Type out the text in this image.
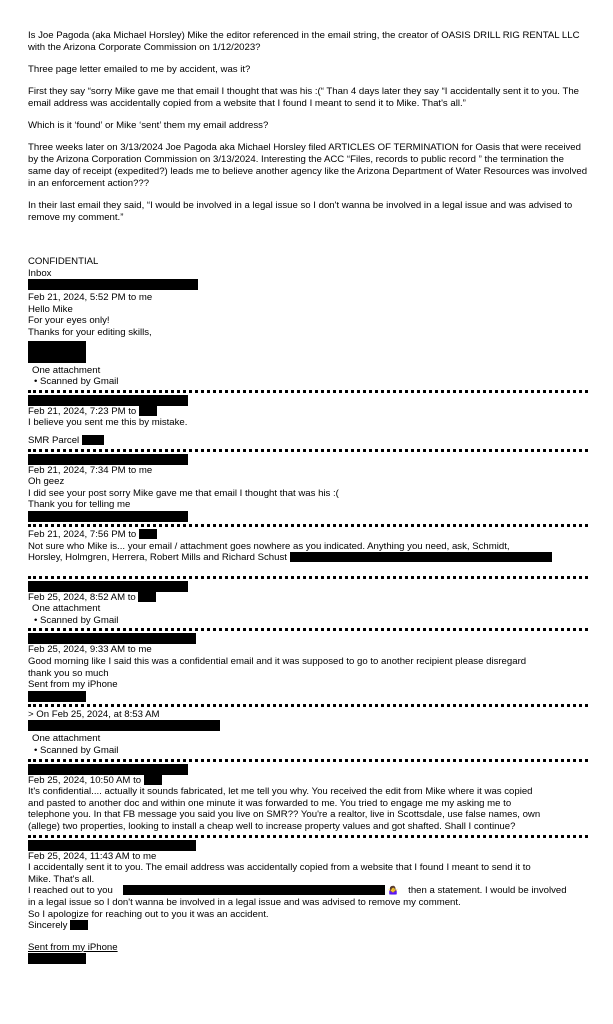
Is Joe Pagoda (aka Michael Horsley) Mike the editor referenced in the email string, the creator of OASIS DRILL RIG RENTAL LLC with the Arizona Corporate Commission on 1/12/2023?

Three page letter emailed to me by accident, was it?

First they say “sorry Mike gave me that email I thought that was his :(“ Than 4 days later they say “I accidentally sent it to you. The email address was accidentally copied from a website that I found I meant to send it to Mike. That's all.”

Which is it ‘found’ or Mike ‘sent’ them my email address?

Three weeks later on 3/13/2024 Joe Pagoda aka Michael Horsley filed ARTICLES OF TERMINATION for Oasis that were received by the Arizona Corporation Commission on 3/13/2024. Interesting the ACC “Files, records to public record ” the termination the same day of receipt (expedited?) leads me to believe another agency like the Arizona Department of Water Resources was involved in an enforcement action???

In their last email they said, “I would be involved in a legal issue so I don't wanna be involved in a legal issue and was advised to remove my comment.”

CONFIDENTIAL
Inbox
Feb 21, 2024, 5:52 PM to me
Hello Mike
For your eyes only!
Thanks for your editing skills,
One attachment
• Scanned by Gmail
Feb 21, 2024, 7:23 PM to
I believe you sent me this by mistake.
SMR Parcel
Feb 21, 2024, 7:34 PM to me
Oh geez
I did see your post sorry Mike gave me that email I thought that was his :(
Thank you for telling me
Feb 21, 2024, 7:56 PM to
Not sure who Mike is... your email / attachment goes nowhere as you indicated. Anything you need, ask, Schmidt,
Horsley, Holmgren, Herrera, Robert Mills and Richard Schust
Feb 25, 2024, 8:52 AM to
One attachment
• Scanned by Gmail
Feb 25, 2024, 9:33 AM to me
Good morning like I said this was a confidential email and it was supposed to go to another recipient please disregard
thank you so much
Sent from my iPhone
> On Feb 25, 2024, at 8:53 AM
One attachment
• Scanned by Gmail
Feb 25, 2024, 10:50 AM to
It's confidential.... actually it sounds fabricated, let me tell you why. You received the edit from Mike where it was copied
and pasted to another doc and within one minute it was forwarded to me. You tried to engage me my asking me to
telephone you. In that FB message you said you live on SMR?? You're a realtor, live in Scottsdale, use false names, own
(allege) two properties, looking to install a cheap well to increase property values and got shafted. Shall I continue?
Feb 25, 2024, 11:43 AM to me
I accidentally sent it to you. The email address was accidentally copied from a website that I found I meant to send it to
Mike. That's all.
I reached out to you	🤷‍♀️ then a statement. I would be involved
in a legal issue so I don't wanna be involved in a legal issue and was advised to remove my comment.
So I apologize for reaching out to you it was an accident.
Sincerely
Sent from my iPhone
